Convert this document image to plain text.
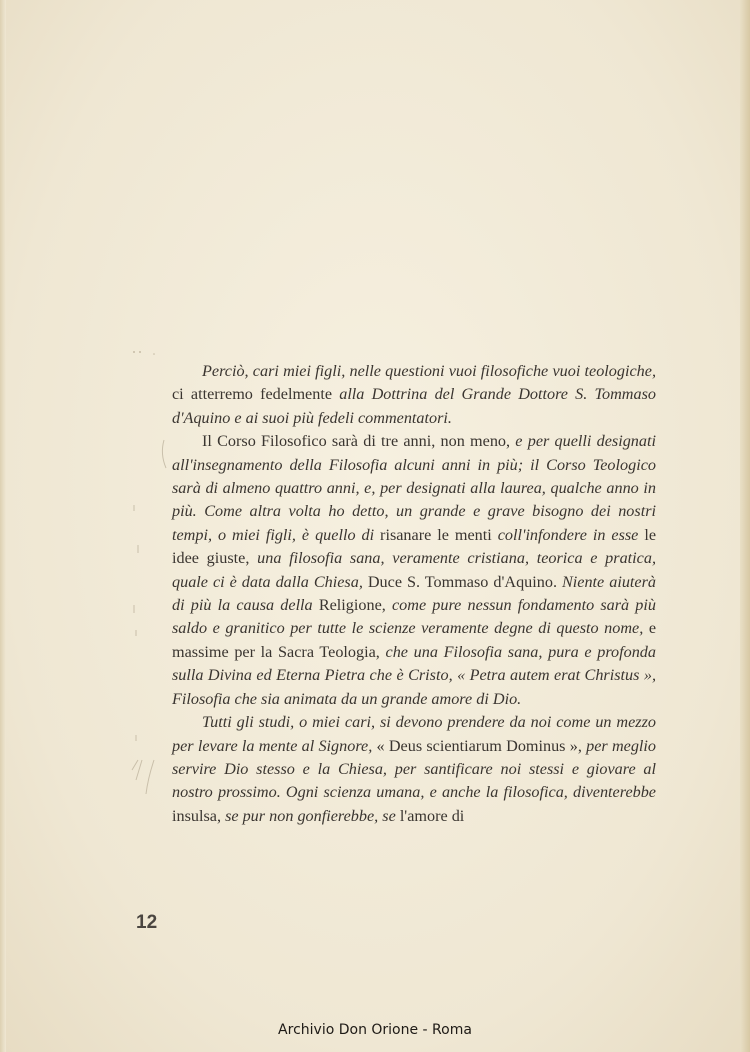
Perciò, cari miei figli, nelle questioni vuoi filosofiche vuoi teologiche, ci atterremo fedelmente alla Dottrina del Grande Dottore S. Tommaso d'Aquino e ai suoi più fedeli commentatori.

Il Corso Filosofico sarà di tre anni, non meno, e per quelli designati all'insegnamento della Filosofia alcuni anni in più; il Corso Teologico sarà di almeno quattro anni, e, per designati alla laurea, qualche anno in più. Come altra volta ho detto, un grande e grave bisogno dei nostri tempi, o miei figli, è quello di risanare le menti coll'infondere in esse le idee giuste, una filosofia sana, veramente cristiana, teorica e pratica, quale ci è data dalla Chiesa, Duce S. Tommaso d'Aquino. Niente aiuterà di più la causa della Religione, come pure nessun fondamento sarà più saldo e granitico per tutte le scienze veramente degne di questo nome, e massime per la Sacra Teologia, che una Filosofia sana, pura e profonda sulla Divina ed Eterna Pietra che è Cristo, « Petra autem erat Christus », Filosofia che sia animata da un grande amore di Dio.

Tutti gli studi, o miei cari, si devono prendere da noi come un mezzo per levare la mente al Signore, « Deus scientiarum Dominus », per meglio servire Dio stesso e la Chiesa, per santificare noi stessi e giovare al nostro prossimo. Ogni scienza umana, e anche la filosofica, diventerebbe insulsa, se pur non gonfierebbe, se l'amore di

12

Archivio Don Orione - Roma
